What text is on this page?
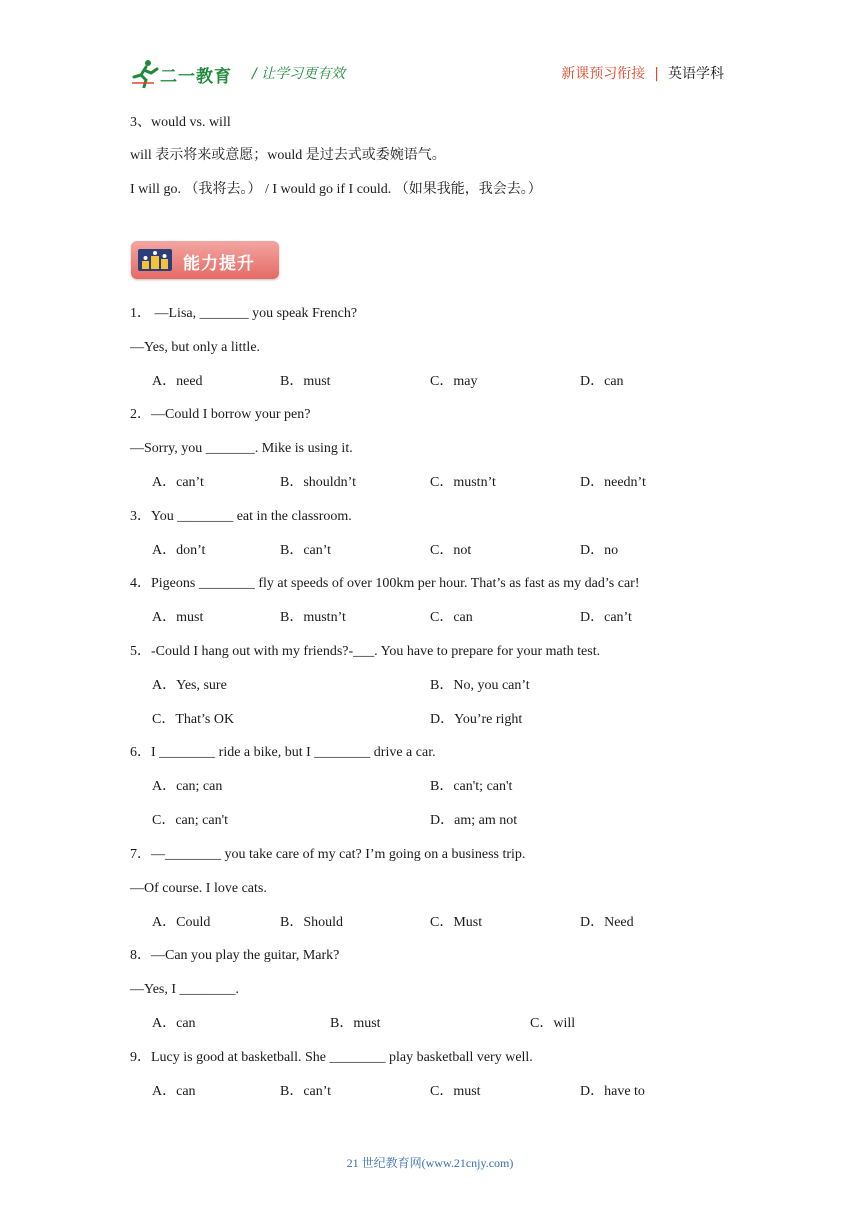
二一教育 / 让学习更有效	新课预习衔接 | 英语学科
3、would vs. will
will 表示将来或意愿；would 是过去式或委婉语气。
I will go. （我将去。） / I would go if I could. （如果我能，我会去。）
能力提升
1． —Lisa, _______ you speak French?
—Yes, but only a little.
A．need	B．must	C．may	D．can
2．—Could I borrow your pen?
—Sorry, you _______. Mike is using it.
A．can’t	B．shouldn’t	C．mustn’t	D．needn’t
3．You ________ eat in the classroom.
A．don’t	B．can’t	C．not	D．no
4．Pigeons ________ fly at speeds of over 100km per hour. That’s as fast as my dad’s car!
A．must	B．mustn’t	C．can	D．can’t
5．-Could I hang out with my friends?-___. You have to prepare for your math test.
A．Yes, sure	B．No, you can’t
C．That’s OK	D．You’re right
6．I ________ ride a bike, but I ________ drive a car.
A．can; can	B．can't; can't
C．can; can't	D．am; am not
7．—________ you take care of my cat? I’m going on a business trip.
—Of course. I love cats.
A．Could	B．Should	C．Must	D．Need
8．—Can you play the guitar, Mark?
—Yes, I ________.
A．can	B．must	C．will
9．Lucy is good at basketball. She ________ play basketball very well.
A．can	B．can’t	C．must	D．have to
21 世纪教育网(www.21cnjy.com)
